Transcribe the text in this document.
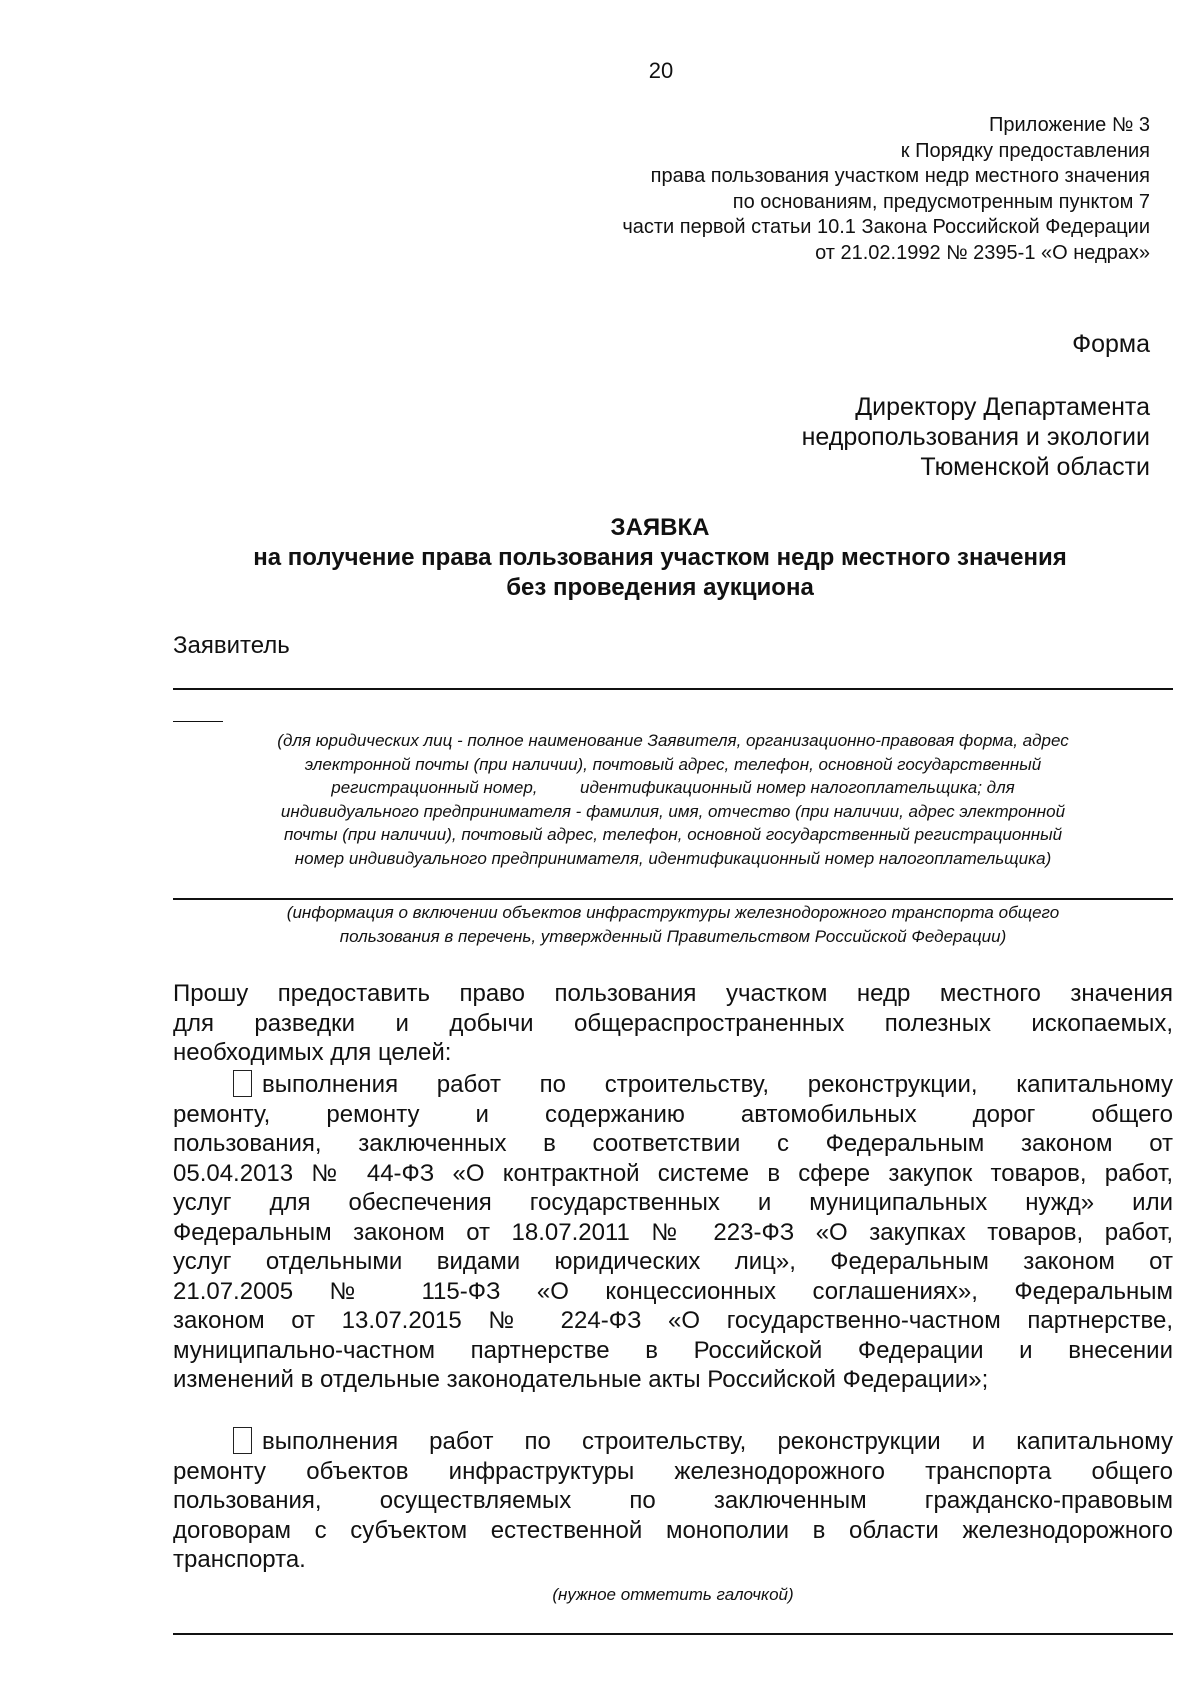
20
Приложение № 3
к Порядку предоставления
права пользования участком недр местного значения
по основаниям, предусмотренным пунктом 7
части первой статьи 10.1 Закона Российской Федерации
от 21.02.1992 № 2395-1 «О недрах»
Форма
Директору Департамента
недропользования и экологии
Тюменской области
ЗАЯВКА
на получение права пользования участком недр местного значения
без проведения аукциона
Заявитель
(для юридических лиц - полное наименование Заявителя, организационно-правовая форма, адрес
электронной почты (при наличии), почтовый адрес, телефон, основной государственный
регистрационный номер,         идентификационный номер налогоплательщика; для
индивидуального предпринимателя - фамилия, имя, отчество (при наличии, адрес электронной
почты (при наличии), почтовый адрес, телефон, основной государственный регистрационный
номер индивидуального предпринимателя, идентификационный номер налогоплательщика)
(информация о включении объектов инфраструктуры железнодорожного транспорта общего
пользования в перечень, утвержденный Правительством Российской Федерации)
Прошу предоставить право пользования участком недр местного значения
для разведки и добычи общераспространенных полезных ископаемых,
необходимых для целей:
выполнения работ по строительству, реконструкции, капитальному
ремонту, ремонту и содержанию автомобильных дорог общего
пользования, заключенных в соответствии с Федеральным законом от
05.04.2013 № 44-ФЗ «О контрактной системе в сфере закупок товаров, работ,
услуг для обеспечения государственных и муниципальных нужд» или
Федеральным законом от 18.07.2011 № 223-ФЗ «О закупках товаров, работ,
услуг отдельными видами юридических лиц», Федеральным законом от
21.07.2005 № 115-ФЗ «О концессионных соглашениях», Федеральным
законом от 13.07.2015 № 224-ФЗ «О государственно-частном партнерстве,
муниципально-частном партнерстве в Российской Федерации и внесении
изменений в отдельные законодательные акты Российской Федерации»;
выполнения работ по строительству, реконструкции и капитальному
ремонту объектов инфраструктуры железнодорожного транспорта общего
пользования, осуществляемых по заключенным гражданско-правовым
договорам с субъектом естественной монополии в области железнодорожного
транспорта.
(нужное отметить галочкой)
